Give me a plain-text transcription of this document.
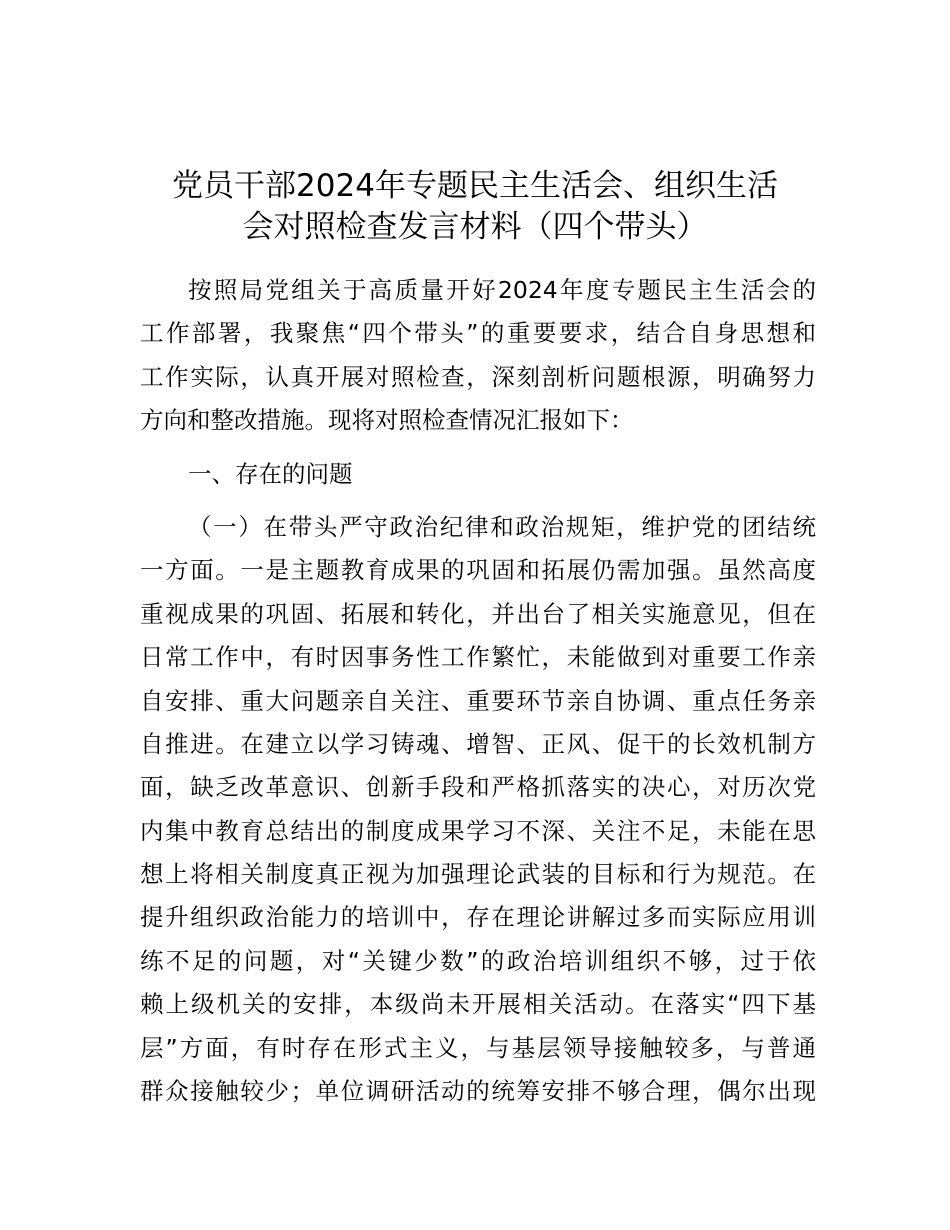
党员干部2024年专题民主生活会、组织生活
会对照检查发言材料（四个带头）
按照局党组关于高质量开好2024年度专题民主生活会的
工作部署，我聚焦“四个带头”的重要要求，结合自身思想和
工作实际，认真开展对照检查，深刻剖析问题根源，明确努力
方向和整改措施。现将对照检查情况汇报如下：
一、存在的问题
（一）在带头严守政治纪律和政治规矩，维护党的团结统
一方面。一是主题教育成果的巩固和拓展仍需加强。虽然高度
重视成果的巩固、拓展和转化，并出台了相关实施意见，但在
日常工作中，有时因事务性工作繁忙，未能做到对重要工作亲
自安排、重大问题亲自关注、重要环节亲自协调、重点任务亲
自推进。在建立以学习铸魂、增智、正风、促干的长效机制方
面，缺乏改革意识、创新手段和严格抓落实的决心，对历次党
内集中教育总结出的制度成果学习不深、关注不足，未能在思
想上将相关制度真正视为加强理论武装的目标和行为规范。在
提升组织政治能力的培训中，存在理论讲解过多而实际应用训
练不足的问题，对“关键少数”的政治培训组织不够，过于依
赖上级机关的安排，本级尚未开展相关活动。在落实“四下基
层”方面，有时存在形式主义，与基层领导接触较多，与普通
群众接触较少；单位调研活动的统筹安排不够合理，偶尔出现
